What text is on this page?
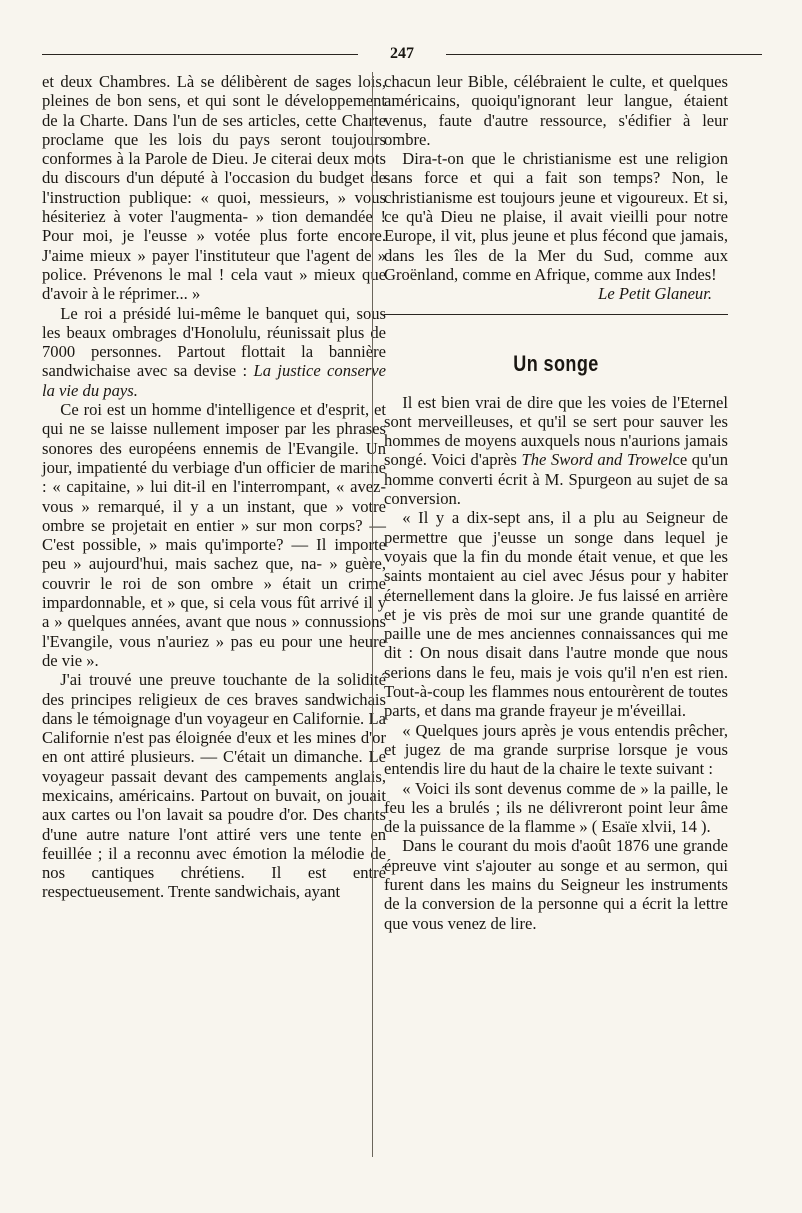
247

et deux Chambres. Là se délibèrent de sages lois, pleines de bon sens, et qui sont le développement de la Charte. Dans l'un de ses articles, cette Charte proclame que les lois du pays seront toujours conformes à la Parole de Dieu. Je citerai deux mots du discours d'un député à l'occasion du budget de l'instruction publique: « quoi, messieurs, » vous hésiteriez à voter l'augmenta- » tion demandée ! Pour moi, je l'eusse » votée plus forte encore. J'aime mieux » payer l'instituteur que l'agent de » police. Prévenons le mal ! cela vaut » mieux que d'avoir à le réprimer... »

Le roi a présidé lui-même le banquet qui, sous les beaux ombrages d'Honolulu, réunissait plus de 7000 personnes. Partout flottait la bannière sandwichaise avec sa devise : La justice conserve la vie du pays.

Ce roi est un homme d'intelligence et d'esprit, et qui ne se laisse nullement imposer par les phrases sonores des européens ennemis de l'Evangile. Un jour, impatienté du verbiage d'un officier de marine : « capitaine, » lui dit-il en l'interrompant, « avez-vous » remarqué, il y a un instant, que » votre ombre se projetait en entier » sur mon corps? — C'est possible, » mais qu'importe? — Il importe peu » aujourd'hui, mais sachez que, na- » guère, couvrir le roi de son ombre » était un crime impardonnable, et » que, si cela vous fût arrivé il y a » quelques années, avant que nous » connussions l'Evangile, vous n'auriez » pas eu pour une heure de vie ».

J'ai trouvé une preuve touchante de la solidité des principes religieux de ces braves sandwichais dans le témoignage d'un voyageur en Californie. La Californie n'est pas éloignée d'eux et les mines d'or en ont attiré plusieurs. — C'était un dimanche. Le voyageur passait devant des campements anglais, mexicains, américains. Partout on buvait, on jouait aux cartes ou l'on lavait sa poudre d'or. Des chants d'une autre nature l'ont attiré vers une tente en feuillée ; il a reconnu avec émotion la mélodie de nos cantiques chrétiens. Il est entré respectueusement. Trente sandwichais, ayant

chacun leur Bible, célébraient le culte, et quelques américains, quoiqu'ignorant leur langue, étaient venus, faute d'autre ressource, s'édifier à leur ombre.

Dira-t-on que le christianisme est une religion sans force et qui a fait son temps? Non, le christianisme est toujours jeune et vigoureux. Et si, ce qu'à Dieu ne plaise, il avait vieilli pour notre Europe, il vit, plus jeune et plus fécond que jamais, dans les îles de la Mer du Sud, comme aux Groënland, comme en Afrique, comme aux Indes!

Le Petit Glaneur.
Un songe

Il est bien vrai de dire que les voies de l'Eternel sont merveilleuses, et qu'il se sert pour sauver les hommes de moyens auxquels nous n'aurions jamais songé. Voici d'après The Sword and Trowelce qu'un homme converti écrit à M. Spurgeon au sujet de sa conversion.

« Il y a dix-sept ans, il a plu au Seigneur de permettre que j'eusse un songe dans lequel je voyais que la fin du monde était venue, et que les saints montaient au ciel avec Jésus pour y habiter éternellement dans la gloire. Je fus laissé en arrière et je vis près de moi sur une grande quantité de paille une de mes anciennes connaissances qui me dit : On nous disait dans l'autre monde que nous serions dans le feu, mais je vois qu'il n'en est rien. Tout-à-coup les flammes nous entourèrent de toutes parts, et dans ma grande frayeur je m'éveillai.

« Quelques jours après je vous entendis prêcher, et jugez de ma grande surprise lorsque je vous entendis lire du haut de la chaire le texte suivant :

« Voici ils sont devenus comme de » la paille, le feu les a brulés ; ils ne délivreront point leur âme de la puissance de la flamme » ( Esaïe xlvii, 14 ).

Dans le courant du mois d'août 1876 une grande épreuve vint s'ajouter au songe et au sermon, qui furent dans les mains du Seigneur les instruments de la conversion de la personne qui a écrit la lettre que vous venez de lire.
